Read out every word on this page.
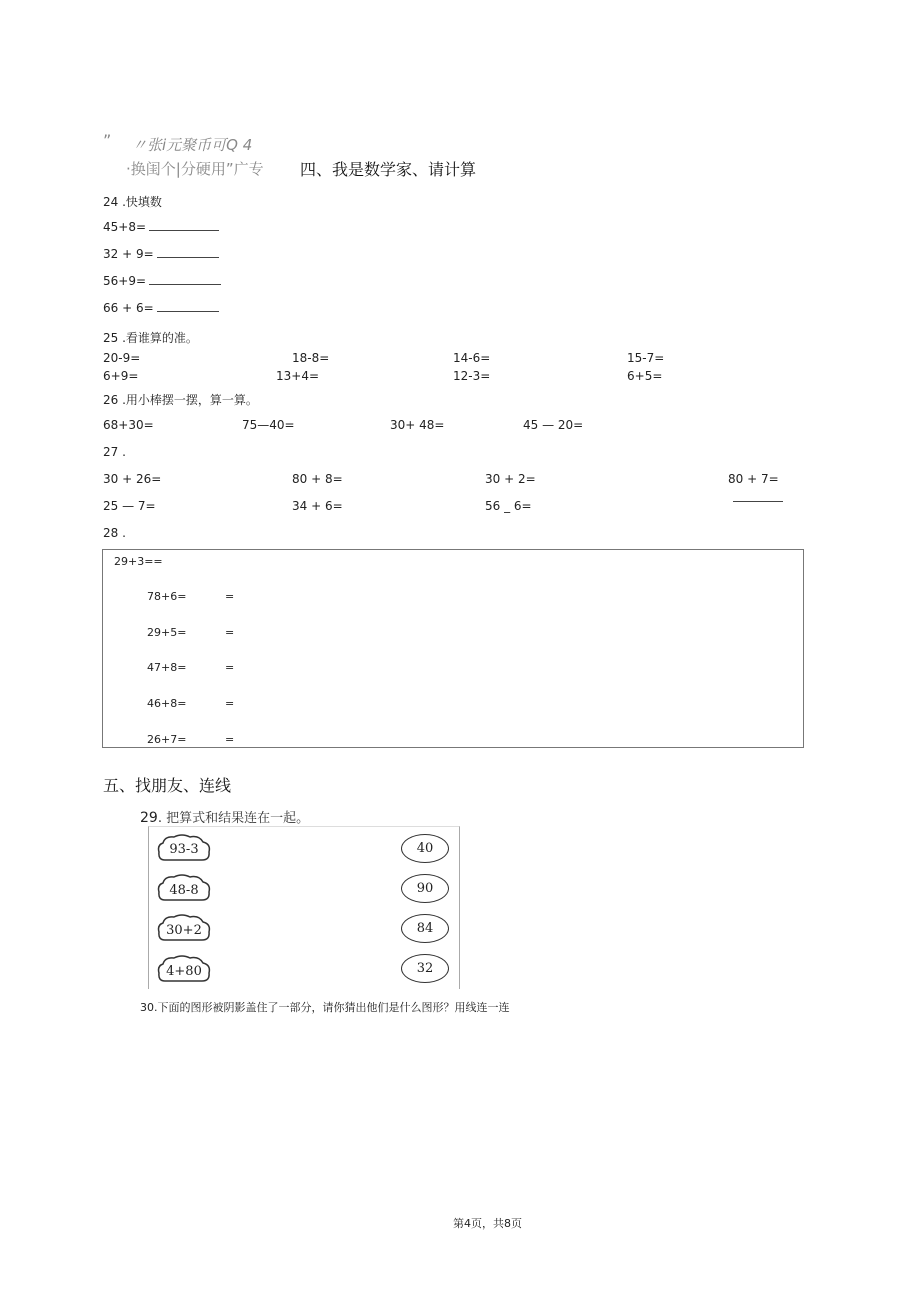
” 〃张i元聚币可Q 4
·换闺个|分硬用”广专 四、我是数学家、请计算
24 .快填数
45+8=
32 + 9=
56+9=
66 + 6=
25 .看谁算的准。
20-9=	18-8=	14-6=	15-7=
6+9=	13+4=	12-3=	6+5=
26 .用小棒摆一摆，算一算。
68+30=	75—40=	30+ 48=	45 — 20=
27 .
30 + 26=	80 + 8=	30 + 2=	80 + 7=
25 — 7=	34 + 6=	56 _ 6=
28 .
29+3==
78+6=	=
29+5=	=
47+8=	=
46+8=	=
26+7=	=
五、找朋友、连线
29. 把算式和结果连在一起。
93-3
48-8
30+2
4+80
40
90
84
32
30.下面的图形被阴影盖住了一部分，请你猜出他们是什么图形？用线连一连
第4页，共8页
